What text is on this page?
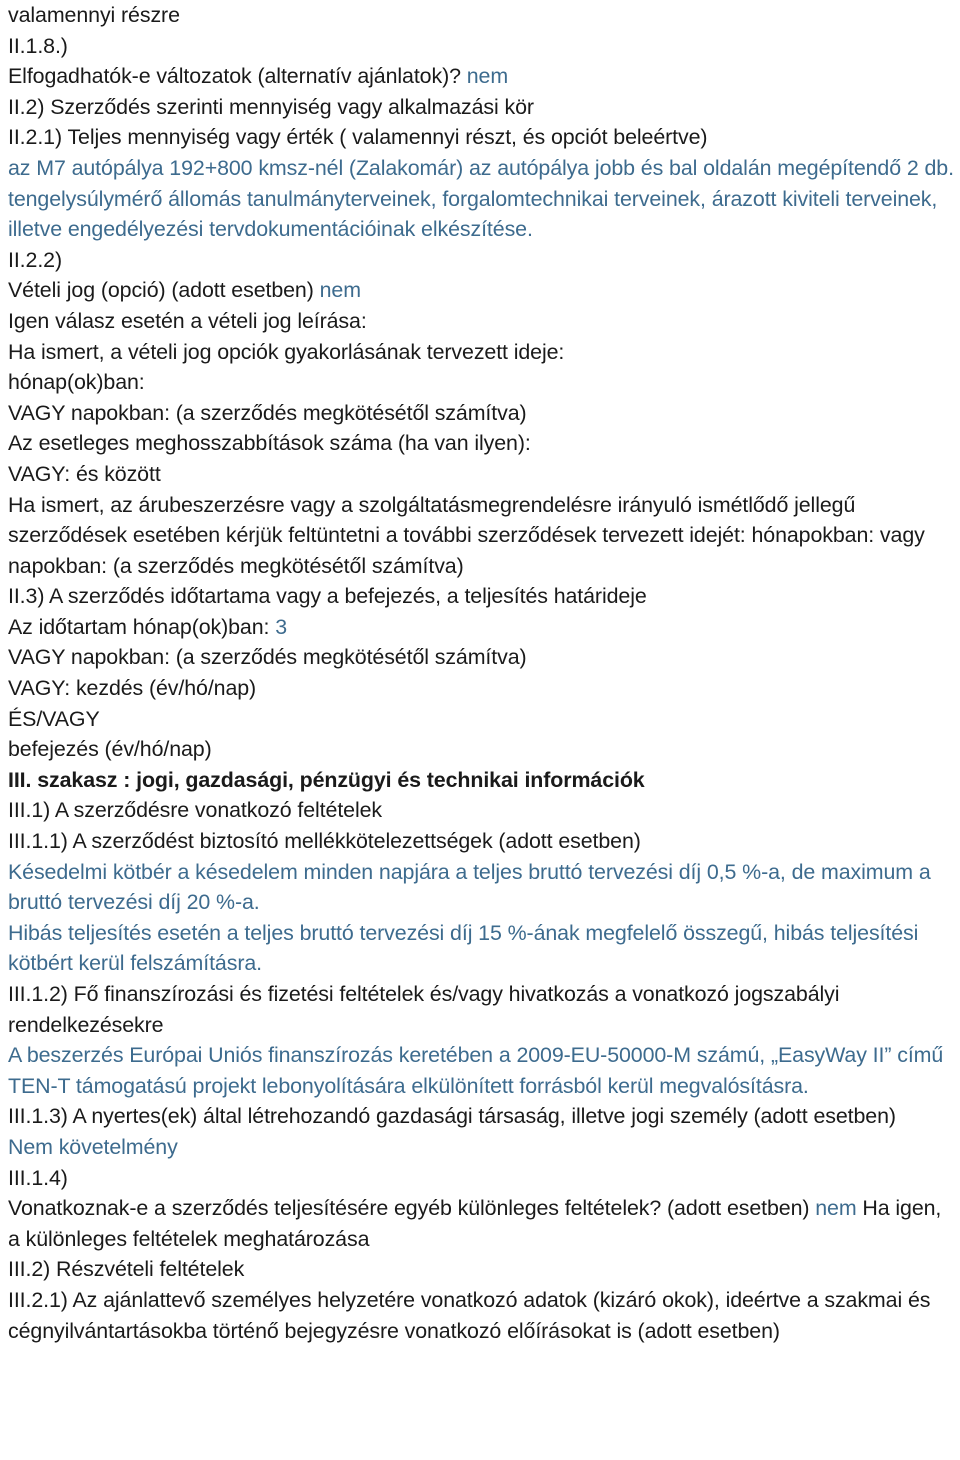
valamennyi részre

II.1.8.)

Elfogadhatók-e változatok (alternatív ajánlatok)? nem

II.2) Szerződés szerinti mennyiség vagy alkalmazási kör

II.2.1) Teljes mennyiség vagy érték ( valamennyi részt, és opciót beleértve)

az M7 autópálya 192+800 kmsz-nél (Zalakomár) az autópálya jobb és bal oldalán megépítendő 2 db. tengelysúlymérő állomás tanulmányterveinek, forgalomtechnikai terveinek, árazott kiviteli terveinek, illetve engedélyezési tervdokumentációinak elkészítése.

II.2.2)

Vételi jog (opció) (adott esetben) nem

Igen válasz esetén a vételi jog leírása:

Ha ismert, a vételi jog opciók gyakorlásának tervezett ideje:

hónap(ok)ban:

VAGY napokban: (a szerződés megkötésétől számítva)

Az esetleges meghosszabbítások száma (ha van ilyen):

VAGY: és között

Ha ismert, az árubeszerzésre vagy a szolgáltatásmegrendelésre irányuló ismétlődő jellegű szerződések esetében kérjük feltüntetni a további szerződések tervezett idejét: hónapokban: vagy napokban: (a szerződés megkötésétől számítva)

II.3) A szerződés időtartama vagy a befejezés, a teljesítés határideje

Az időtartam hónap(ok)ban: 3

VAGY napokban: (a szerződés megkötésétől számítva)

VAGY: kezdés (év/hó/nap)

ÉS/VAGY

befejezés (év/hó/nap)

III. szakasz : jogi, gazdasági, pénzügyi és technikai információk

III.1) A szerződésre vonatkozó feltételek

III.1.1) A szerződést biztosító mellékkötelezettségek (adott esetben)

Késedelmi kötbér a késedelem minden napjára a teljes bruttó tervezési díj 0,5 %-a, de maximum a bruttó tervezési díj 20 %-a.

Hibás teljesítés esetén a teljes bruttó tervezési díj 15 %-ának megfelelő összegű, hibás teljesítési kötbért kerül felszámításra.

III.1.2) Fő finanszírozási és fizetési feltételek és/vagy hivatkozás a vonatkozó jogszabályi rendelkezésekre

A beszerzés Európai Uniós finanszírozás keretében a 2009-EU-50000-M számú, „EasyWay II” című TEN-T támogatású projekt lebonyolítására elkülönített forrásból kerül megvalósításra.

III.1.3) A nyertes(ek) által létrehozandó gazdasági társaság, illetve jogi személy (adott esetben)

Nem követelmény

III.1.4)

Vonatkoznak-e a szerződés teljesítésére egyéb különleges feltételek? (adott esetben) nem Ha igen, a különleges feltételek meghatározása

III.2) Részvételi feltételek

III.2.1) Az ajánlattevő személyes helyzetére vonatkozó adatok (kizáró okok), ideértve a szakmai és cégnyilvántartásokba történő bejegyzésre vonatkozó előírásokat is (adott esetben)
